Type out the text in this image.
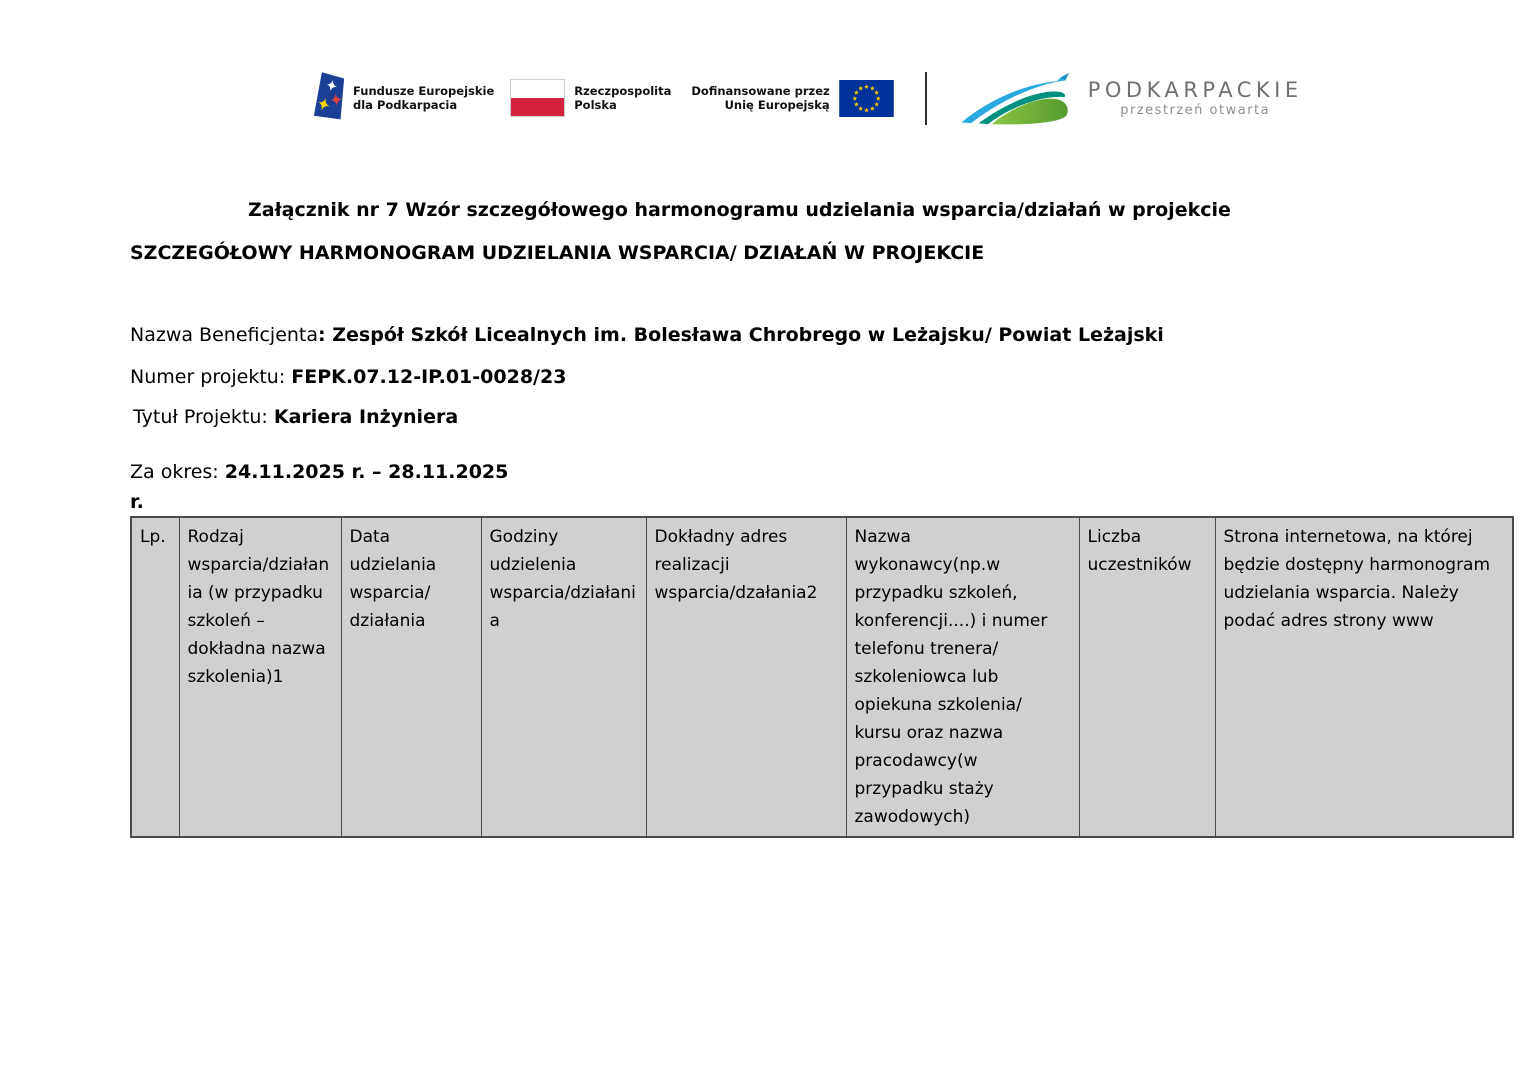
Fundusze Europejskie
dla Podkarpacia
Rzeczpospolita
Polska
Dofinansowane przez
Unię Europejską
PODKARPACKIE
przestrzeń otwarta

Załącznik nr 7 Wzór szczegółowego harmonogramu udzielania wsparcia/działań w projekcie

SZCZEGÓŁOWY HARMONOGRAM UDZIELANIA WSPARCIA/ DZIAŁAŃ W PROJEKCIE

Nazwa Beneficjenta: Zespół Szkół Licealnych im. Bolesława Chrobrego w Leżajsku/ Powiat Leżajski

Numer projektu: FEPK.07.12-IP.01-0028/23

Tytuł Projektu: Kariera Inżyniera

Za okres: 24.11.2025 r. – 28.11.2025

r.

Lp.	Rodzaj wsparcia/działania (w przypadku szkoleń – dokładna nazwa szkolenia)1	Data udzielania wsparcia/ działania	Godziny udzielenia wsparcia/działania	Dokładny adres realizacji wsparcia/dzałania2	Nazwa wykonawcy(np.w przypadku szkoleń, konferencji....) i numer telefonu trenera/ szkoleniowca lub opiekuna szkolenia/ kursu oraz nazwa pracodawcy(w przypadku staży zawodowych)	Liczba uczestników	Strona internetowa, na której będzie dostępny harmonogram udzielania wsparcia. Należy podać adres strony www
